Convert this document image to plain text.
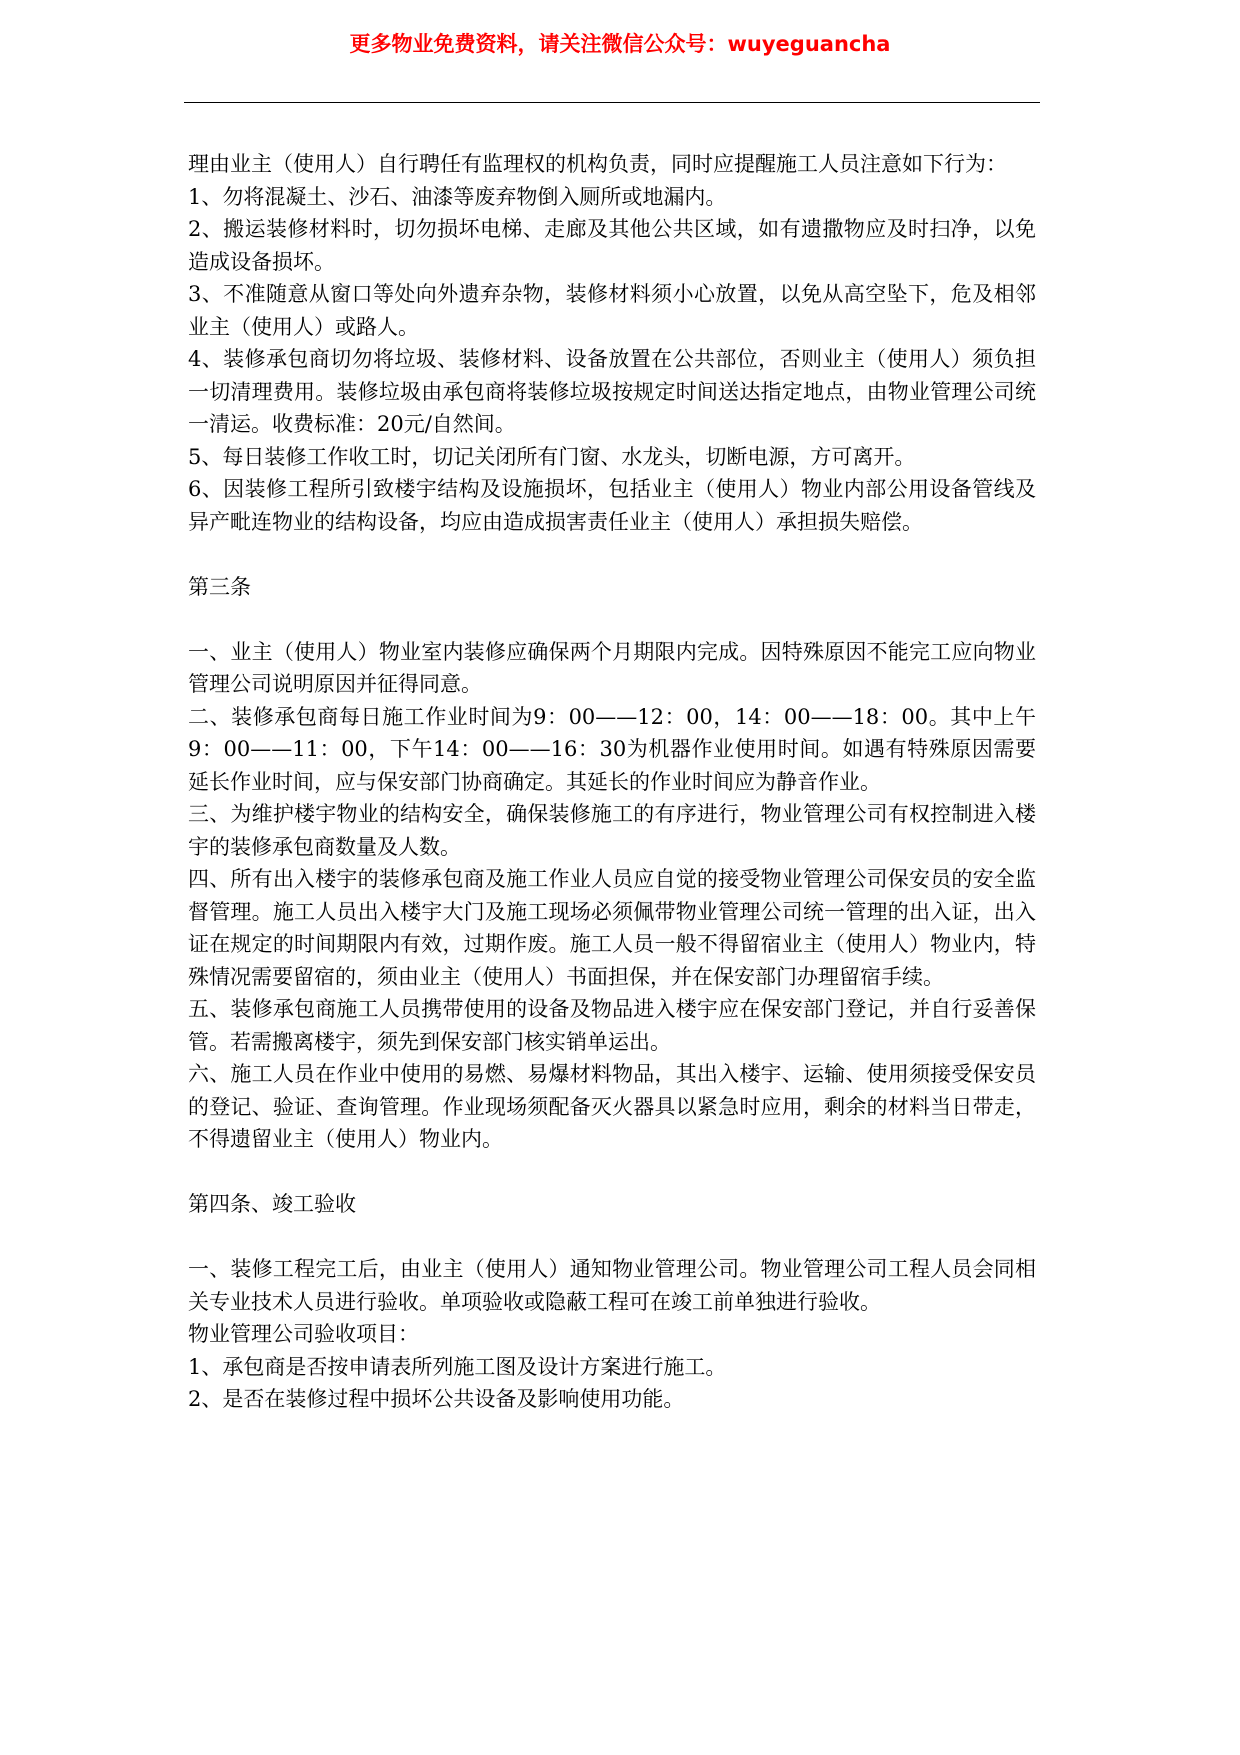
更多物业免费资料，请关注微信公众号：wuyeguancha

理由业主（使用人）自行聘任有监理权的机构负责，同时应提醒施工人员注意如下行为：

1、勿将混凝土、沙石、油漆等废弃物倒入厕所或地漏内。

2、搬运装修材料时，切勿损坏电梯、走廊及其他公共区域，如有遗撒物应及时扫净，以免造成设备损坏。

3、不准随意从窗口等处向外遗弃杂物，装修材料须小心放置，以免从高空坠下，危及相邻业主（使用人）或路人。

4、装修承包商切勿将垃圾、装修材料、设备放置在公共部位，否则业主（使用人）须负担一切清理费用。装修垃圾由承包商将装修垃圾按规定时间送达指定地点，由物业管理公司统一清运。收费标准：20元/自然间。

5、每日装修工作收工时，切记关闭所有门窗、水龙头，切断电源，方可离开。

6、因装修工程所引致楼宇结构及设施损坏，包括业主（使用人）物业内部公用设备管线及异产毗连物业的结构设备，均应由造成损害责任业主（使用人）承担损失赔偿。

第三条

一、业主（使用人）物业室内装修应确保两个月期限内完成。因特殊原因不能完工应向物业管理公司说明原因并征得同意。

二、装修承包商每日施工作业时间为9：00——12：00，14：00——18：00。其中上午9：00——11：00，下午14：00——16：30为机器作业使用时间。如遇有特殊原因需要延长作业时间，应与保安部门协商确定。其延长的作业时间应为静音作业。

三、为维护楼宇物业的结构安全，确保装修施工的有序进行，物业管理公司有权控制进入楼宇的装修承包商数量及人数。

四、所有出入楼宇的装修承包商及施工作业人员应自觉的接受物业管理公司保安员的安全监督管理。施工人员出入楼宇大门及施工现场必须佩带物业管理公司统一管理的出入证，出入证在规定的时间期限内有效，过期作废。施工人员一般不得留宿业主（使用人）物业内，特殊情况需要留宿的，须由业主（使用人）书面担保，并在保安部门办理留宿手续。

五、装修承包商施工人员携带使用的设备及物品进入楼宇应在保安部门登记，并自行妥善保管。若需搬离楼宇，须先到保安部门核实销单运出。

六、施工人员在作业中使用的易燃、易爆材料物品，其出入楼宇、运输、使用须接受保安员的登记、验证、查询管理。作业现场须配备灭火器具以紧急时应用，剩余的材料当日带走，不得遗留业主（使用人）物业内。

第四条、竣工验收

一、装修工程完工后，由业主（使用人）通知物业管理公司。物业管理公司工程人员会同相关专业技术人员进行验收。单项验收或隐蔽工程可在竣工前单独进行验收。

物业管理公司验收项目：

1、承包商是否按申请表所列施工图及设计方案进行施工。

2、是否在装修过程中损坏公共设备及影响使用功能。
